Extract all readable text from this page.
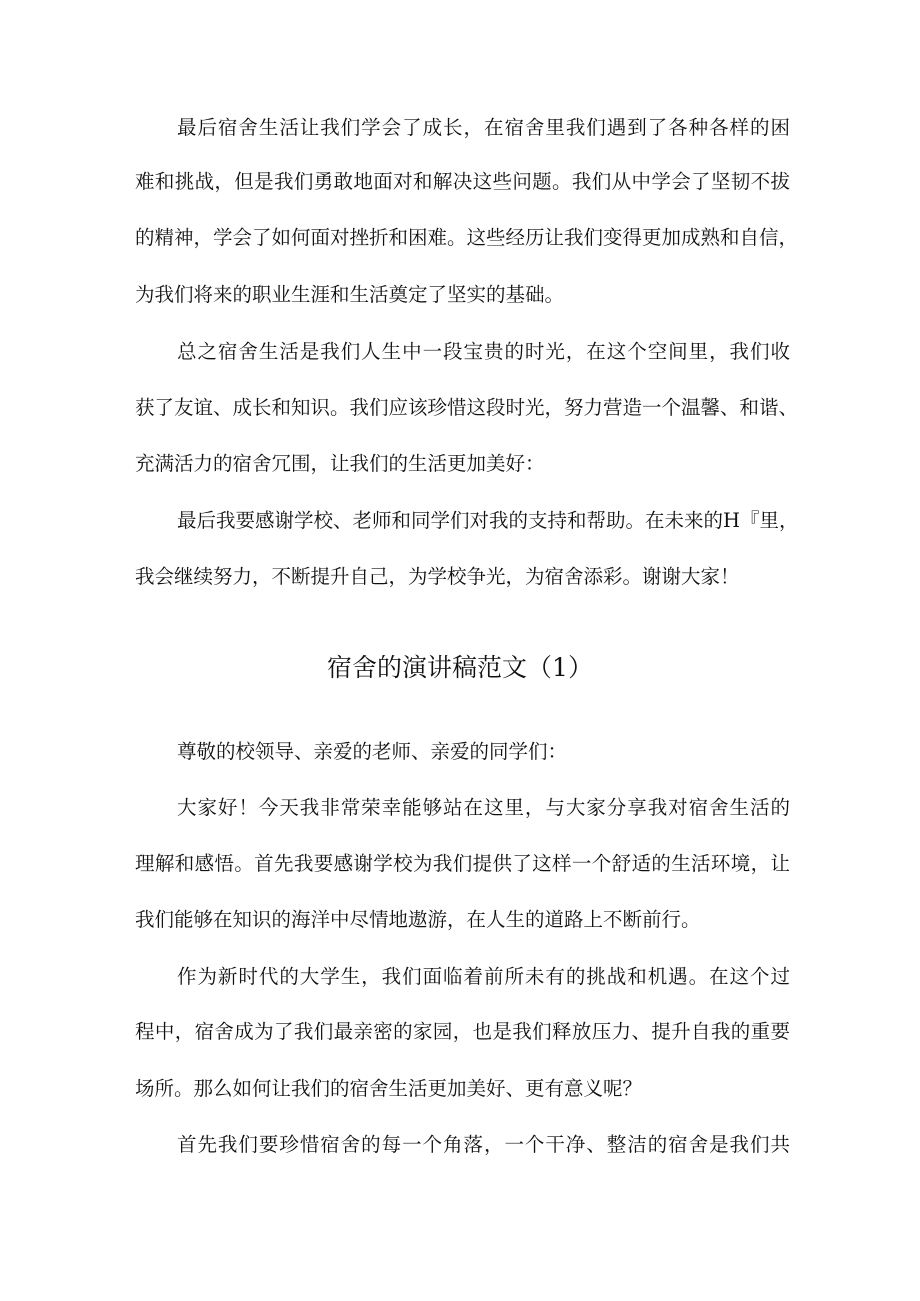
最后宿舍生活让我们学会了成长，在宿舍里我们遇到了各种各样的困
难和挑战，但是我们勇敢地面对和解决这些问题。我们从中学会了坚韧不拔
的精神，学会了如何面对挫折和困难。这些经历让我们变得更加成熟和自信，
为我们将来的职业生涯和生活奠定了坚实的基础。
总之宿舍生活是我们人生中一段宝贵的时光，在这个空间里，我们收
获了友谊、成长和知识。我们应该珍惜这段时光，努力营造一个温馨、和谐、
充满活力的宿舍冗围，让我们的生活更加美好：
最后我要感谢学校、老师和同学们对我的支持和帮助。在未来的H『里，
我会继续努力，不断提升自己，为学校争光，为宿舍添彩。谢谢大家！
宿舍的演讲稿范文（1）
尊敬的校领导、亲爱的老师、亲爱的同学们：
大家好！今天我非常荣幸能够站在这里，与大家分享我对宿舍生活的
理解和感悟。首先我要感谢学校为我们提供了这样一个舒适的生活环境，让
我们能够在知识的海洋中尽情地遨游，在人生的道路上不断前行。
作为新时代的大学生，我们面临着前所未有的挑战和机遇。在这个过
程中，宿舍成为了我们最亲密的家园，也是我们释放压力、提升自我的重要
场所。那么如何让我们的宿舍生活更加美好、更有意义呢？
首先我们要珍惜宿舍的每一个角落，一个干净、整洁的宿舍是我们共
